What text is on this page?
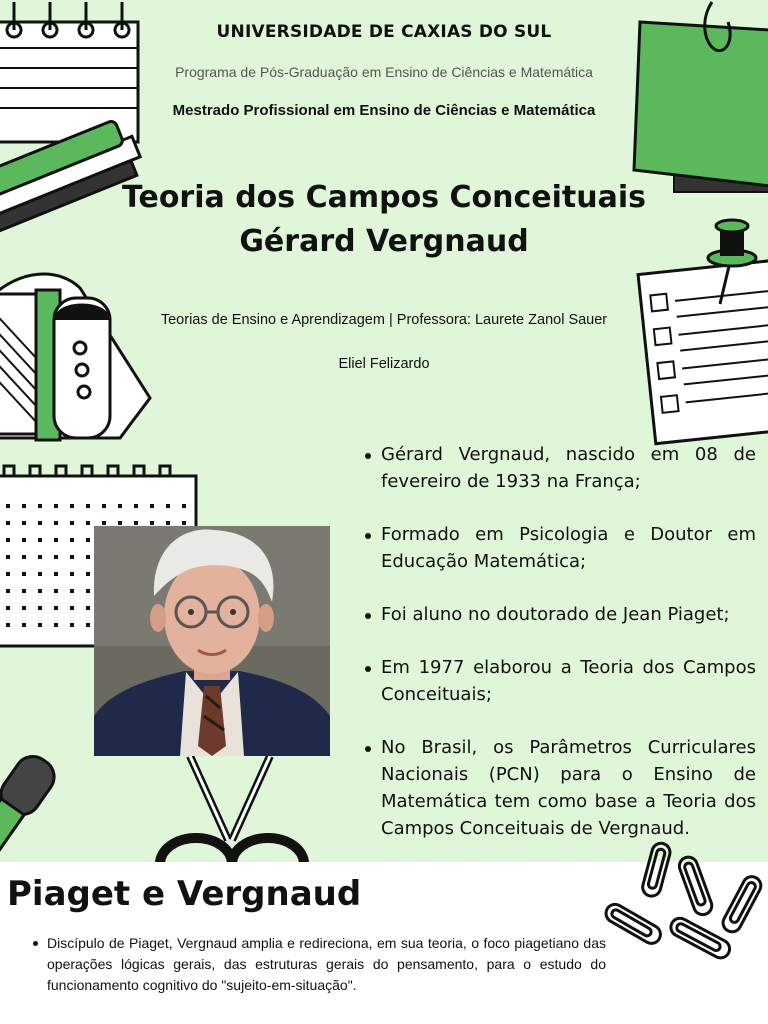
UNIVERSIDADE DE CAXIAS DO SUL
Programa de Pós-Graduação em Ensino de Ciências e Matemática
Mestrado Profissional em Ensino de Ciências e Matemática
Teoria dos Campos Conceituais
Gérard Vergnaud
Teorias de Ensino e Aprendizagem | Professora: Laurete Zanol Sauer
Eliel Felizardo
Gérard Vergnaud, nascido em 08 de fevereiro de 1933 na França;
Formado em Psicologia e Doutor em Educação Matemática;
Foi aluno no doutorado de Jean Piaget;
Em 1977 elaborou a Teoria dos Campos Conceituais;
No Brasil, os Parâmetros Curriculares Nacionais (PCN) para o Ensino de Matemática tem como base a Teoria dos Campos Conceituais de Vergnaud.
Piaget e Vergnaud
Discípulo de Piaget, Vergnaud amplia e redireciona, em sua teoria, o foco piagetiano das operações lógicas gerais, das estruturas gerais do pensamento, para o estudo do funcionamento cognitivo do "sujeito-em-situação".
